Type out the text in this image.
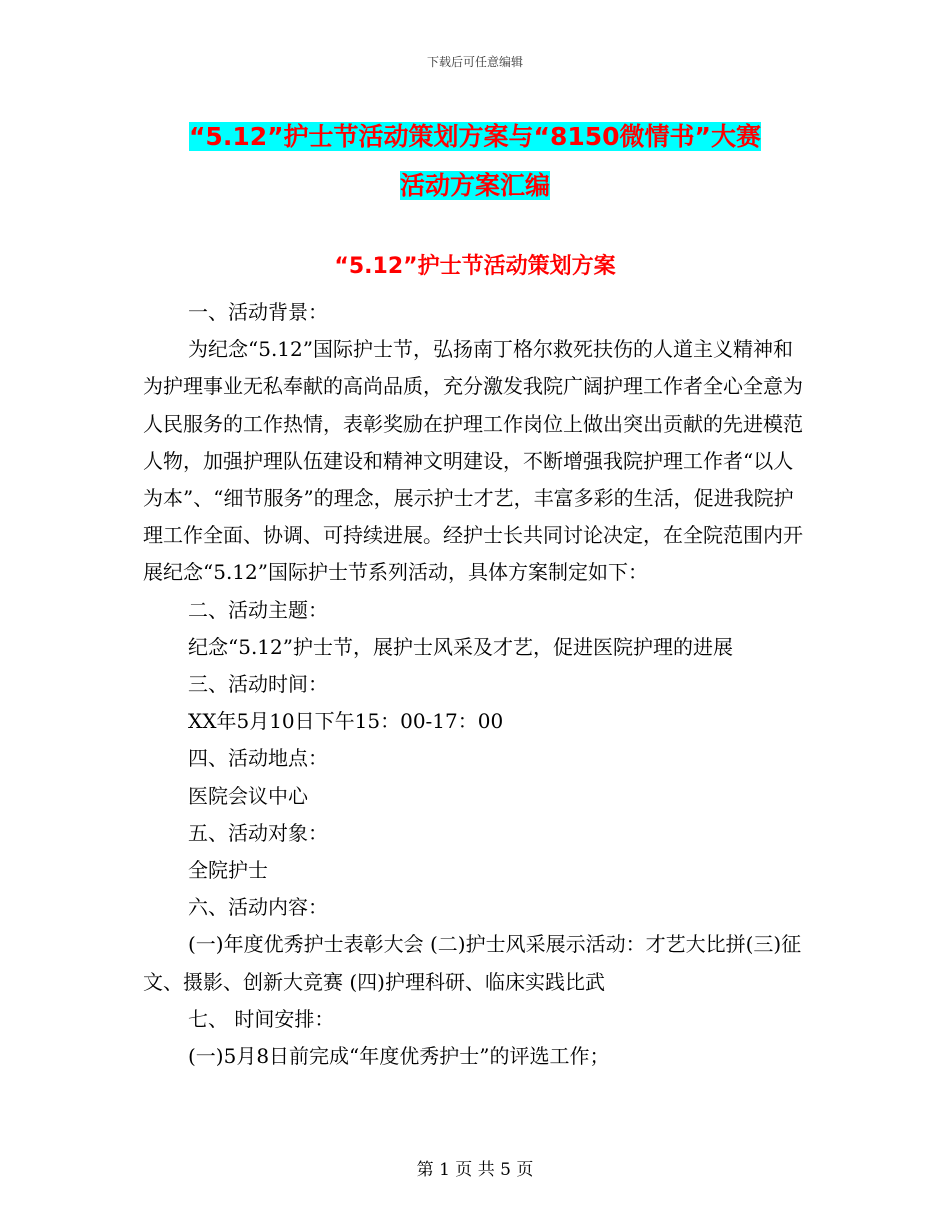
下载后可任意编辑
“5.12”护士节活动策划方案与“8150微情书”大赛
活动方案汇编
“5.12”护士节活动策划方案

一、活动背景：

为纪念“5.12”国际护士节，弘扬南丁格尔救死扶伤的人道主义精神和为护理事业无私奉献的高尚品质，充分激发我院广阔护理工作者全心全意为人民服务的工作热情，表彰奖励在护理工作岗位上做出突出贡献的先进模范人物，加强护理队伍建设和精神文明建设，不断增强我院护理工作者“以人为本”、“细节服务”的理念，展示护士才艺，丰富多彩的生活，促进我院护理工作全面、协调、可持续进展。经护士长共同讨论决定，在全院范围内开展纪念“5.12”国际护士节系列活动，具体方案制定如下：

二、活动主题：

纪念“5.12”护士节，展护士风采及才艺，促进医院护理的进展

三、活动时间：

XX年5月10日下午15：00-17：00

四、活动地点：

医院会议中心

五、活动对象：

全院护士

六、活动内容：

(一)年度优秀护士表彰大会 (二)护士风采展示活动：才艺大比拼(三)征文、摄影、创新大竞赛 (四)护理科研、临床实践比武

七、 时间安排：

(一)5月8日前完成“年度优秀护士”的评选工作；

第 1 页 共 5 页
